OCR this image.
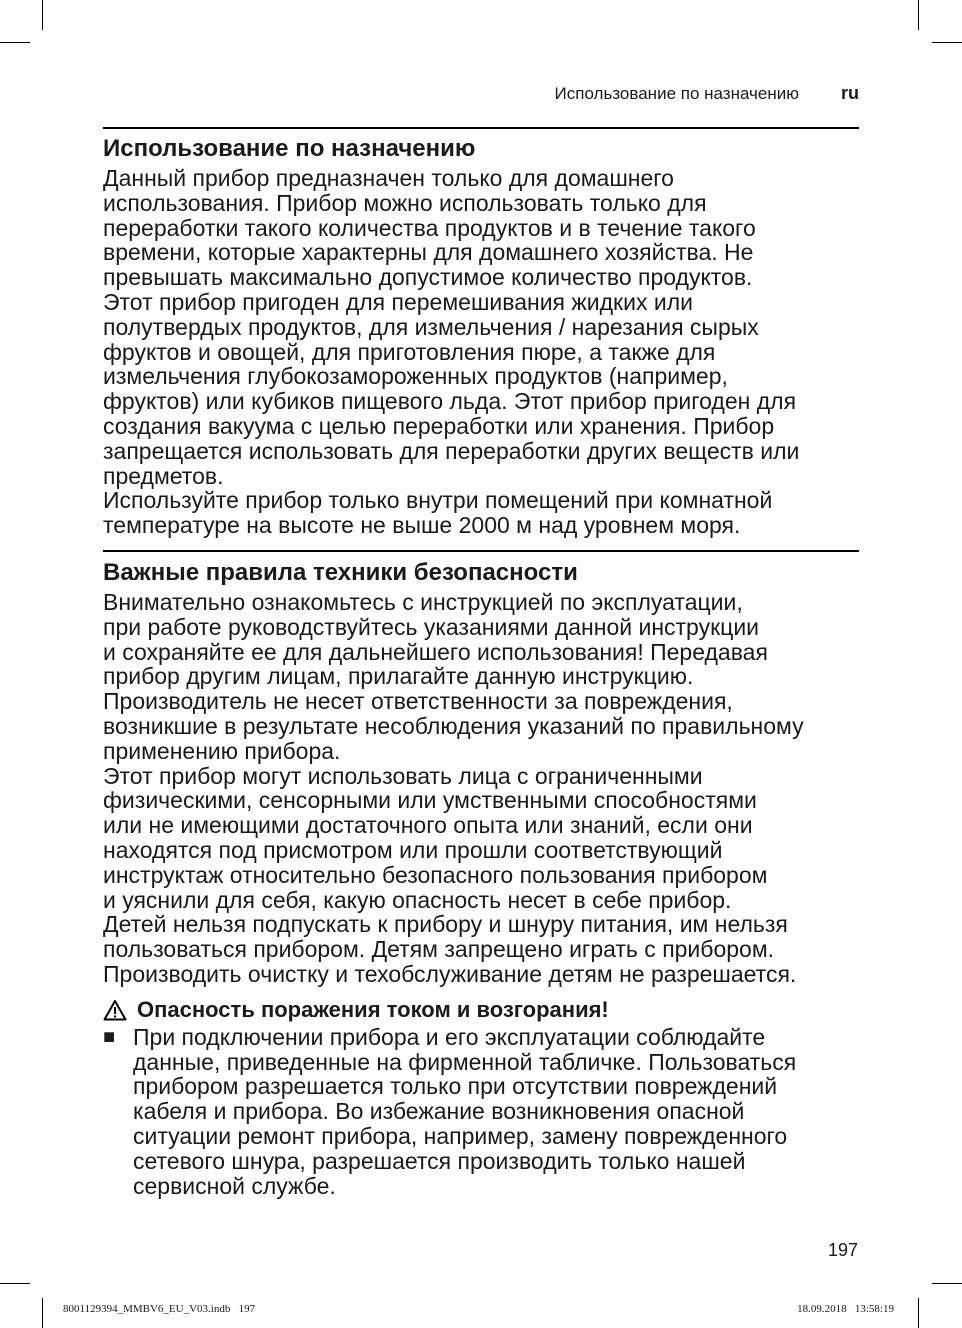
Использование по назначению ru
Использование по назначению

Данный прибор предназначен только для домашнего
использования. Прибор можно использовать только для
переработки такого количества продуктов и в течение такого
времени, которые характерны для домашнего хозяйства. Не
превышать максимально допустимое количество продуктов.
Этот прибор пригоден для перемешивания жидких или
полутвердых продуктов, для измельчения / нарезания сырых
фруктов и овощей, для приготовления пюре, а также для
измельчения глубокозамороженных продуктов (например,
фруктов) или кубиков пищевого льда. Этот прибор пригоден для
создания вакуума с целью переработки или хранения. Прибор
запрещается использовать для переработки других веществ или
предметов.
Используйте прибор только внутри помещений при комнатной
температуре на высоте не выше 2000 м над уровнем моря.

Важные правила техники безопасности

Внимательно ознакомьтесь с инструкцией по эксплуатации,
при работе руководствуйтесь указаниями данной инструкции
и сохраняйте ее для дальнейшего использования! Передавая
прибор другим лицам, прилагайте данную инструкцию.
Производитель не несет ответственности за повреждения,
возникшие в результате несоблюдения указаний по правильному
применению прибора.
Этот прибор могут использовать лица с ограниченными
физическими, сенсорными или умственными способностями
или не имеющими достаточного опыта или знаний, если они
находятся под присмотром или прошли соответствующий
инструктаж относительно безопасного пользования прибором
и уяснили для себя, какую опасность несет в себе прибор.
Детей нельзя подпускать к прибору и шнуру питания, им нельзя
пользоваться прибором. Детям запрещено играть с прибором.
Производить очистку и техобслуживание детям не разрешается.

Опасность поражения током и возгорания!
■ При подключении прибора и его эксплуатации соблюдайте
данные, приведенные на фирменной табличке. Пользоваться
прибором разрешается только при отсутствии повреждений
кабеля и прибора. Во избежание возникновения опасной
ситуации ремонт прибора, например, замену поврежденного
сетевого шнура, разрешается производить только нашей
сервисной службе.
197
8001129394_MMBV6_EU_V03.indb   197	18.09.2018   13:58:19
